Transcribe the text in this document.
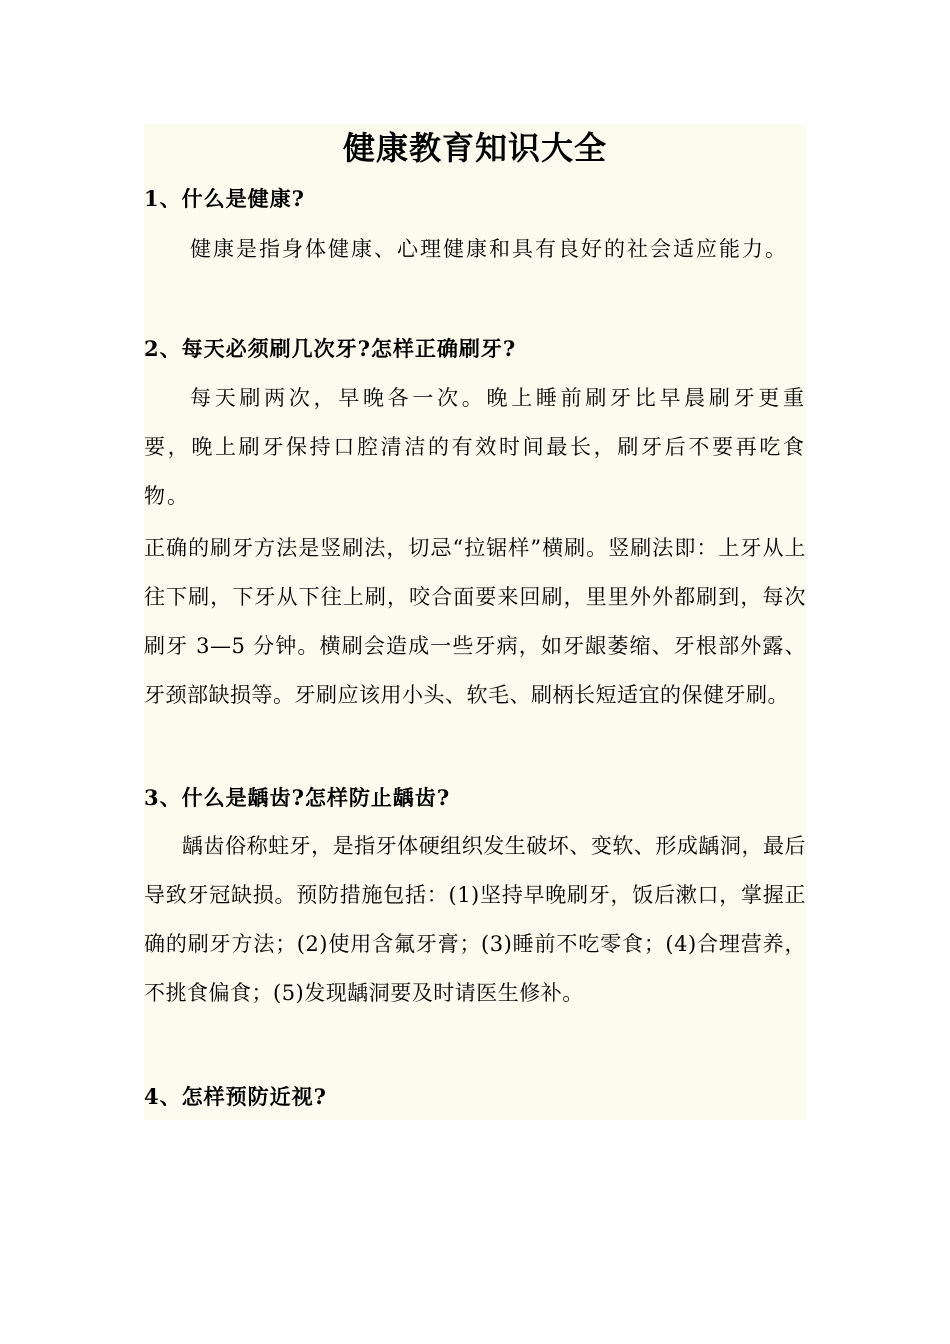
健康教育知识大全
1、什么是健康?

健康是指身体健康、心理健康和具有良好的社会适应能力。

2、每天必须刷几次牙?怎样正确刷牙?

每天刷两次，早晚各一次。晚上睡前刷牙比早晨刷牙更重要，晚上刷牙保持口腔清洁的有效时间最长，刷牙后不要再吃食物。

正确的刷牙方法是竖刷法，切忌“拉锯样”横刷。竖刷法即：上牙从上往下刷，下牙从下往上刷，咬合面要来回刷，里里外外都刷到，每次刷牙 3—5 分钟。横刷会造成一些牙病，如牙龈萎缩、牙根部外露、牙颈部缺损等。牙刷应该用小头、软毛、刷柄长短适宜的保健牙刷。

3、什么是龋齿?怎样防止龋齿?

龋齿俗称蛀牙，是指牙体硬组织发生破坏、变软、形成龋洞，最后导致牙冠缺损。预防措施包括：(1)坚持早晚刷牙，饭后漱口，掌握正确的刷牙方法；(2)使用含氟牙膏；(3)睡前不吃零食；(4)合理营养，不挑食偏食；(5)发现龋洞要及时请医生修补。

4、怎样预防近视?
